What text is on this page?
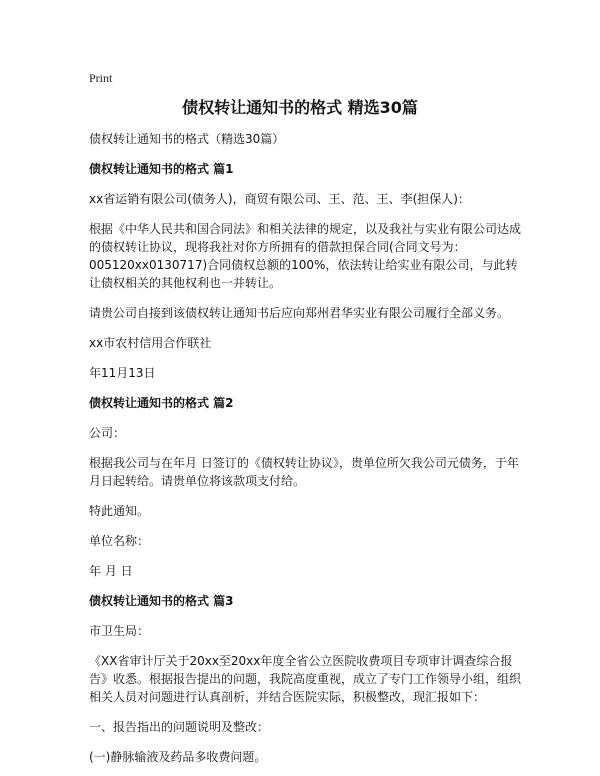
Print
债权转让通知书的格式 精选30篇

债权转让通知书的格式（精选30篇）

债权转让通知书的格式 篇1

xx省运销有限公司(债务人)，商贸有限公司、王、范、王、李(担保人)：

根据《中华人民共和国合同法》和相关法律的规定，以及我社与实业有限公司达成的债权转让协议，现将我社对你方所拥有的借款担保合同(合同文号为：005120xx0130717)合同债权总额的100%，依法转让给实业有限公司，与此转让债权相关的其他权利也一并转让。

请贵公司自接到该债权转让通知书后应向郑州君华实业有限公司履行全部义务。

xx市农村信用合作联社

年11月13日

债权转让通知书的格式 篇2

公司：

根据我公司与在年月 日签订的《债权转让协议》，贵单位所欠我公司元债务，于年月日起转给。请贵单位将该款项支付给。

特此通知。

单位名称：

年 月 日

债权转让通知书的格式 篇3

市卫生局：

《XX省审计厅关于20xx至20xx年度全省公立医院收费项目专项审计调查综合报告》收悉。根据报告提出的问题，我院高度重视，成立了专门工作领导小组，组织相关人员对问题进行认真剖析，并结合医院实际，积极整改，现汇报如下：

一、报告指出的问题说明及整改：

(一)静脉输液及药品多收费问题。
